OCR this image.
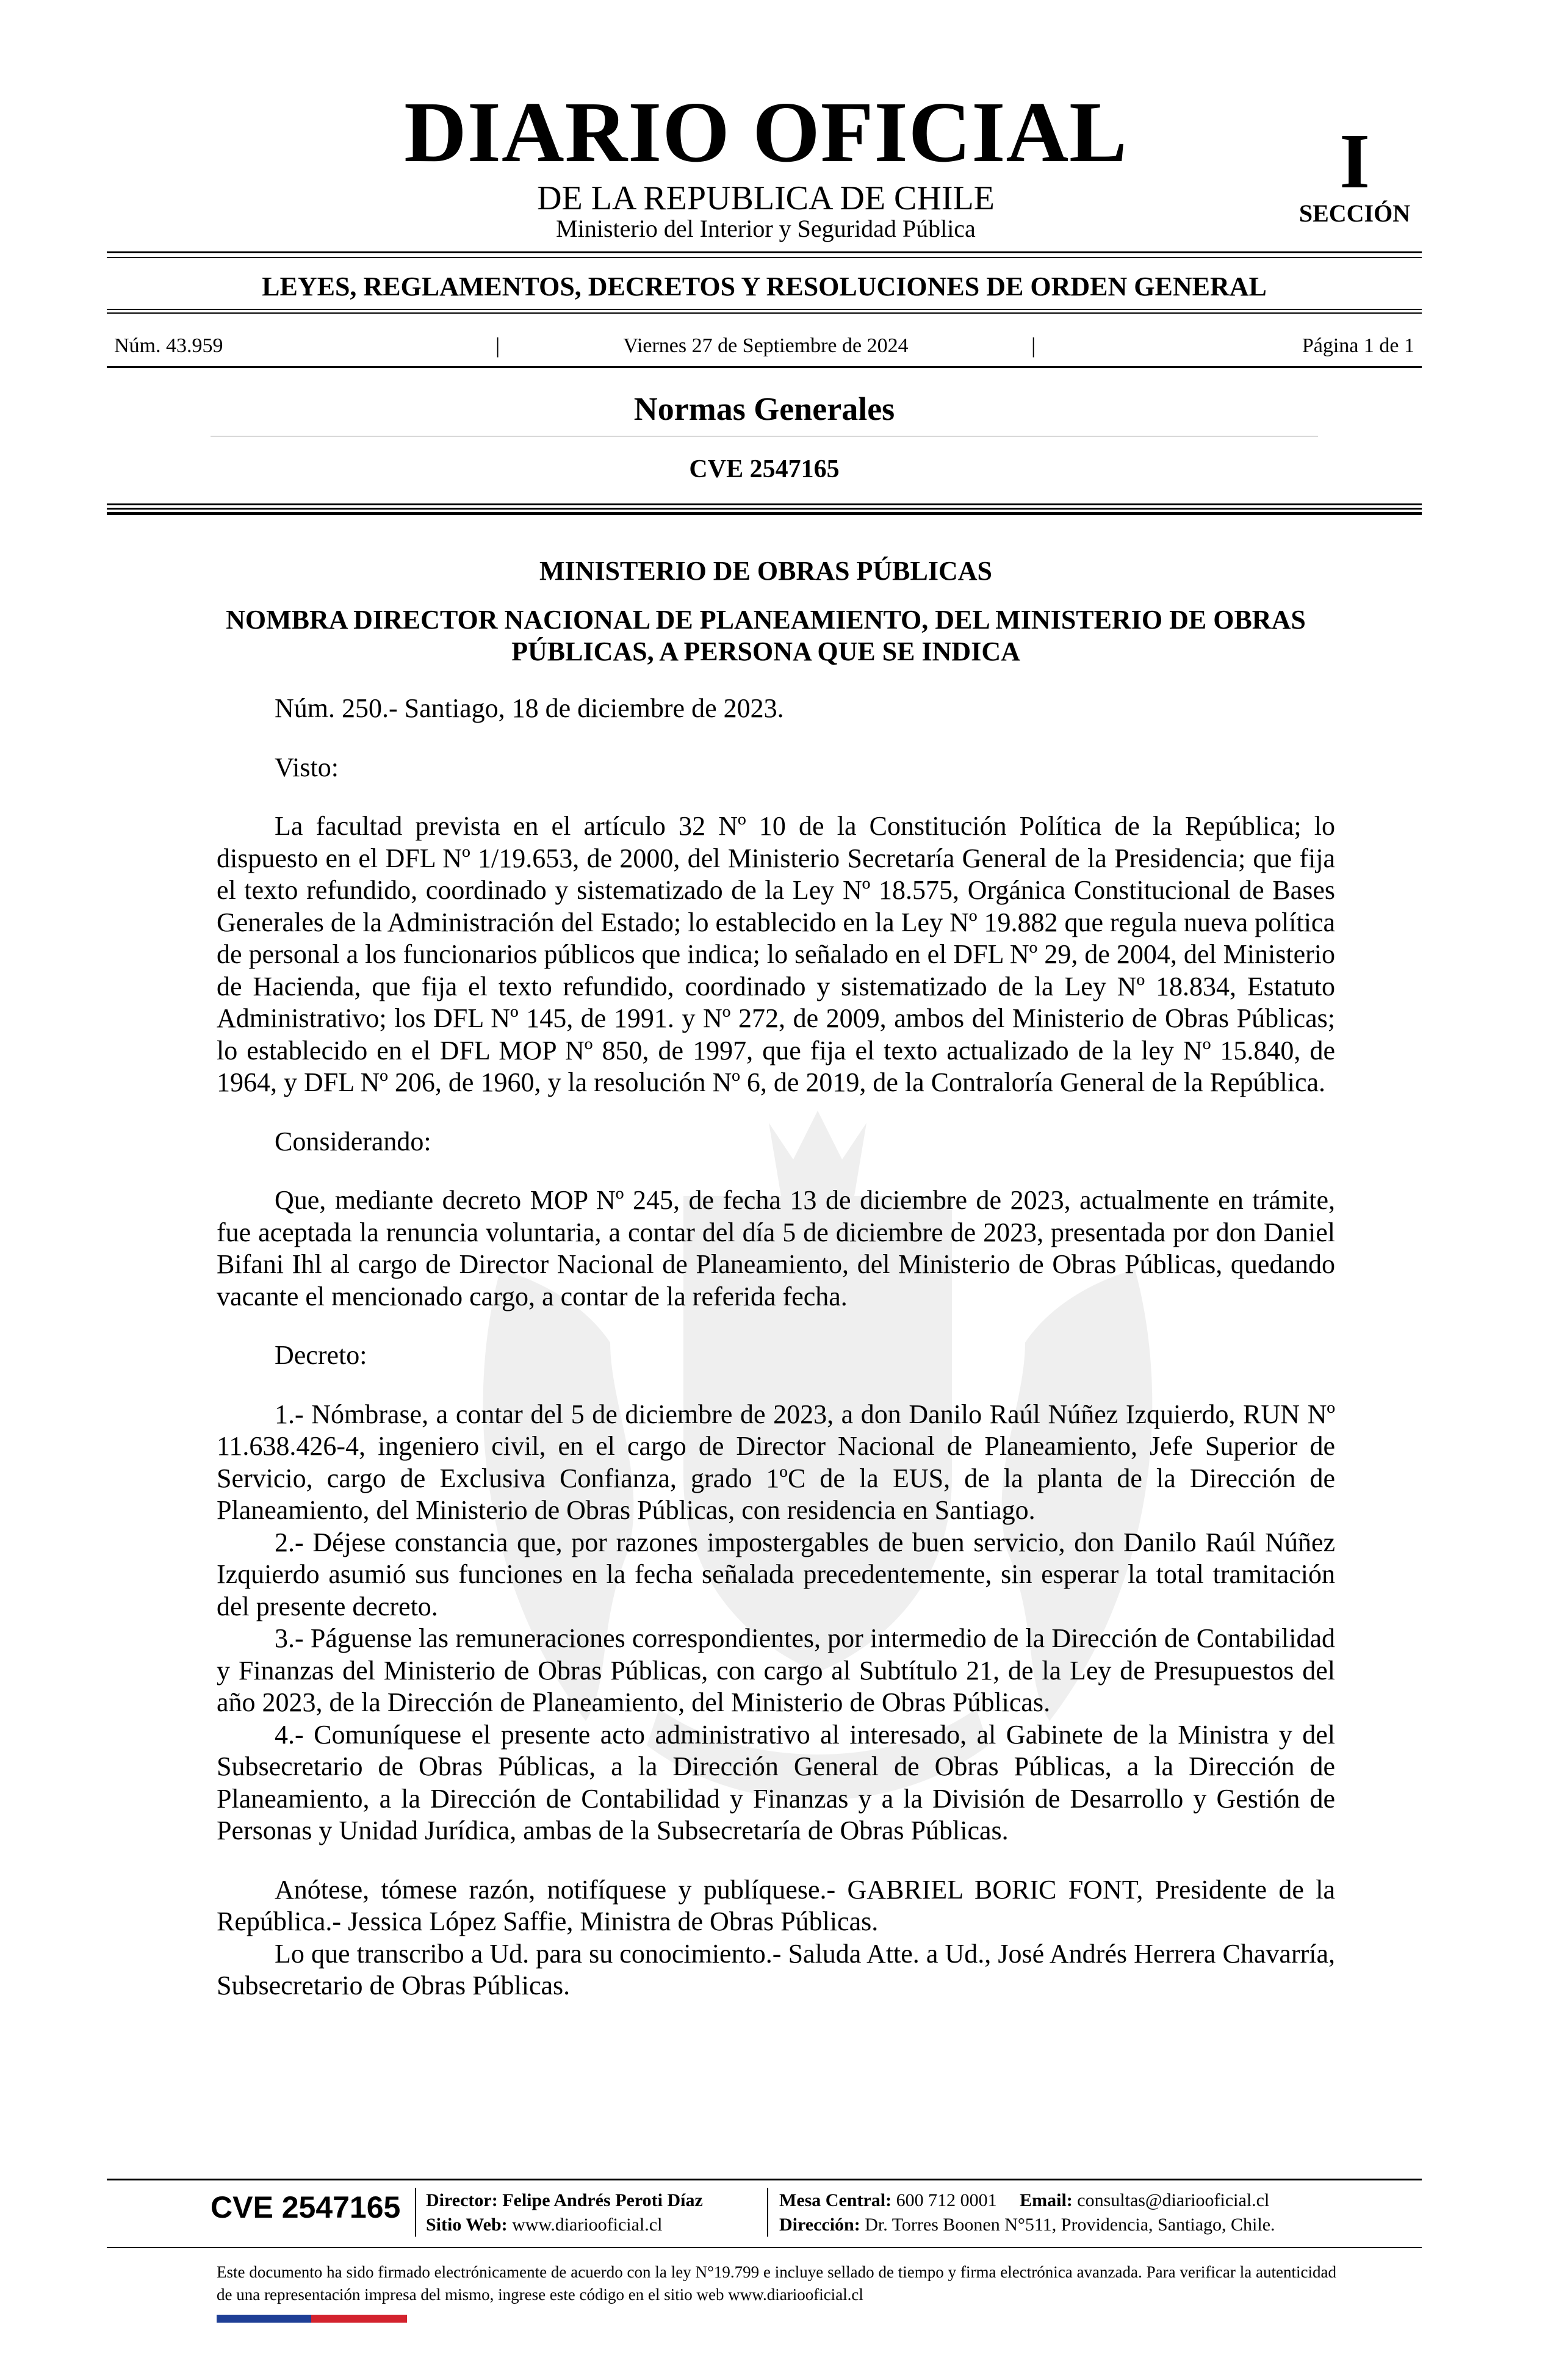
DIARIO OFICIAL
DE LA REPUBLICA DE CHILE
Ministerio del Interior y Seguridad Pública
I
SECCIÓN
LEYES, REGLAMENTOS, DECRETOS Y RESOLUCIONES DE ORDEN GENERAL
Núm. 43.959	|	Viernes 27 de Septiembre de 2024	|	Página 1 de 1
Normas Generales
CVE 2547165
MINISTERIO DE OBRAS PÚBLICAS
NOMBRA DIRECTOR NACIONAL DE PLANEAMIENTO, DEL MINISTERIO DE OBRAS PÚBLICAS, A PERSONA QUE SE INDICA

Núm. 250.- Santiago, 18 de diciembre de 2023.

Visto:

La facultad prevista en el artículo 32 Nº 10 de la Constitución Política de la República; lo dispuesto en el DFL Nº 1/19.653, de 2000, del Ministerio Secretaría General de la Presidencia; que fija el texto refundido, coordinado y sistematizado de la Ley Nº 18.575, Orgánica Constitucional de Bases Generales de la Administración del Estado; lo establecido en la Ley Nº 19.882 que regula nueva política de personal a los funcionarios públicos que indica; lo señalado en el DFL Nº 29, de 2004, del Ministerio de Hacienda, que fija el texto refundido, coordinado y sistematizado de la Ley Nº 18.834, Estatuto Administrativo; los DFL Nº 145, de 1991. y Nº 272, de 2009, ambos del Ministerio de Obras Públicas; lo establecido en el DFL MOP Nº 850, de 1997, que fija el texto actualizado de la ley Nº 15.840, de 1964, y DFL Nº 206, de 1960, y la resolución Nº 6, de 2019, de la Contraloría General de la República.

Considerando:

Que, mediante decreto MOP Nº 245, de fecha 13 de diciembre de 2023, actualmente en trámite, fue aceptada la renuncia voluntaria, a contar del día 5 de diciembre de 2023, presentada por don Daniel Bifani Ihl al cargo de Director Nacional de Planeamiento, del Ministerio de Obras Públicas, quedando vacante el mencionado cargo, a contar de la referida fecha.

Decreto:

1.- Nómbrase, a contar del 5 de diciembre de 2023, a don Danilo Raúl Núñez Izquierdo, RUN Nº 11.638.426-4, ingeniero civil, en el cargo de Director Nacional de Planeamiento, Jefe Superior de Servicio, cargo de Exclusiva Confianza, grado 1ºC de la EUS, de la planta de la Dirección de Planeamiento, del Ministerio de Obras Públicas, con residencia en Santiago.

2.- Déjese constancia que, por razones impostergables de buen servicio, don Danilo Raúl Núñez Izquierdo asumió sus funciones en la fecha señalada precedentemente, sin esperar la total tramitación del presente decreto.

3.- Páguense las remuneraciones correspondientes, por intermedio de la Dirección de Contabilidad y Finanzas del Ministerio de Obras Públicas, con cargo al Subtítulo 21, de la Ley de Presupuestos del año 2023, de la Dirección de Planeamiento, del Ministerio de Obras Públicas.

4.- Comuníquese el presente acto administrativo al interesado, al Gabinete de la Ministra y del Subsecretario de Obras Públicas, a la Dirección General de Obras Públicas, a la Dirección de Planeamiento, a la Dirección de Contabilidad y Finanzas y a la División de Desarrollo y Gestión de Personas y Unidad Jurídica, ambas de la Subsecretaría de Obras Públicas.

Anótese, tómese razón, notifíquese y publíquese.- GABRIEL BORIC FONT, Presidente de la República.- Jessica López Saffie, Ministra de Obras Públicas.

Lo que transcribo a Ud. para su conocimiento.- Saluda Atte. a Ud., José Andrés Herrera Chavarría, Subsecretario de Obras Públicas.

CVE 2547165 Director: Felipe Andrés Peroti Díaz
Sitio Web: www.diariooficial.cl
Mesa Central: 600 712 0001 Email: consultas@diariooficial.cl
Dirección: Dr. Torres Boonen N°511, Providencia, Santiago, Chile.
Este documento ha sido firmado electrónicamente de acuerdo con la ley N°19.799 e incluye sellado de tiempo y firma electrónica avanzada. Para verificar la autenticidad de una representación impresa del mismo, ingrese este código en el sitio web www.diariooficial.cl
